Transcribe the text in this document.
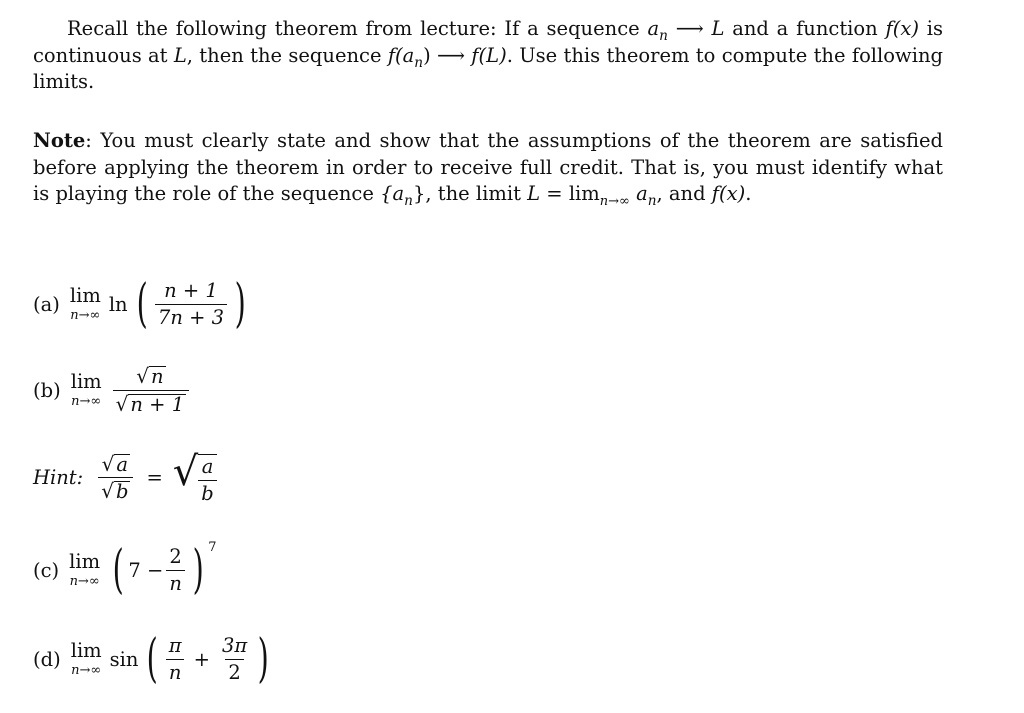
Recall the following theorem from lecture: If a sequence $a_n$ ⟶ L and a function f(x) is continuous at L, then the sequence $f(a_n)$ ⟶ f(L). Use this theorem to compute the following limits.
Note: You must clearly state and show that the assumptions of the theorem are satisfied before applying the theorem in order to receive full credit. That is, you must identify what is playing the role of the sequence $\{a_n\}$, the limit $L = \lim_{n\to\infty} a_n$, and f(x).
(a) lim
n→∞
ln ( $\frac{n + 1}{7n + 3}$ )
(b) lim
$n\to\infty \frac{√ n}{√ n + 1}$
Hint: $\frac{√ a}{√ b}$ = √ $\frac{a}{b}$
(c) lim
n→∞ ( $7 - \frac{2}{n}$ ) 7
(d) lim
n→∞
sin ( $\frac{\pi}{n} + \frac{3\pi}{2}$ )
